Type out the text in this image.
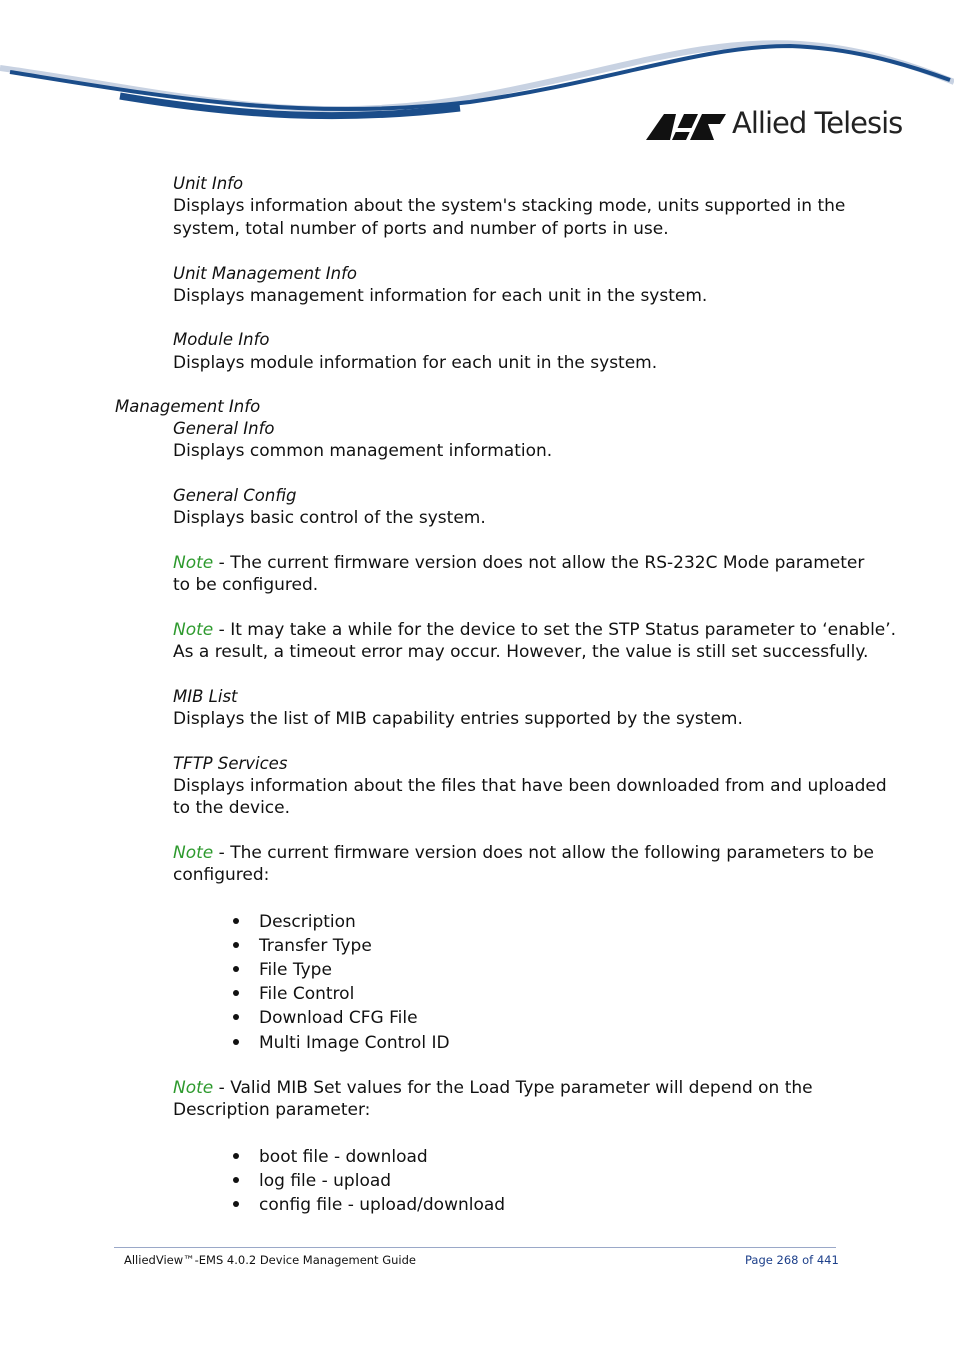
Allied Telesis
Unit Info
Displays information about the system's stacking mode, units supported in the
system, total number of ports and number of ports in use.
Unit Management Info
Displays management information for each unit in the system.
Module Info
Displays module information for each unit in the system.
Management Info
General Info
Displays common management information.
General Config
Displays basic control of the system.
Note - The current firmware version does not allow the RS-232C Mode parameter
to be configured.
Note - It may take a while for the device to set the STP Status parameter to ‘enable’.
As a result, a timeout error may occur. However, the value is still set successfully.
MIB List
Displays the list of MIB capability entries supported by the system.
TFTP Services
Displays information about the files that have been downloaded from and uploaded
to the device.
Note - The current firmware version does not allow the following parameters to be
configured:
Description
Transfer Type
File Type
File Control
Download CFG File
Multi Image Control ID
Note - Valid MIB Set values for the Load Type parameter will depend on the
Description parameter:
boot file - download
log file - upload
config file - upload/download
AlliedView™-EMS 4.0.2 Device Management Guide	Page 268 of 441
